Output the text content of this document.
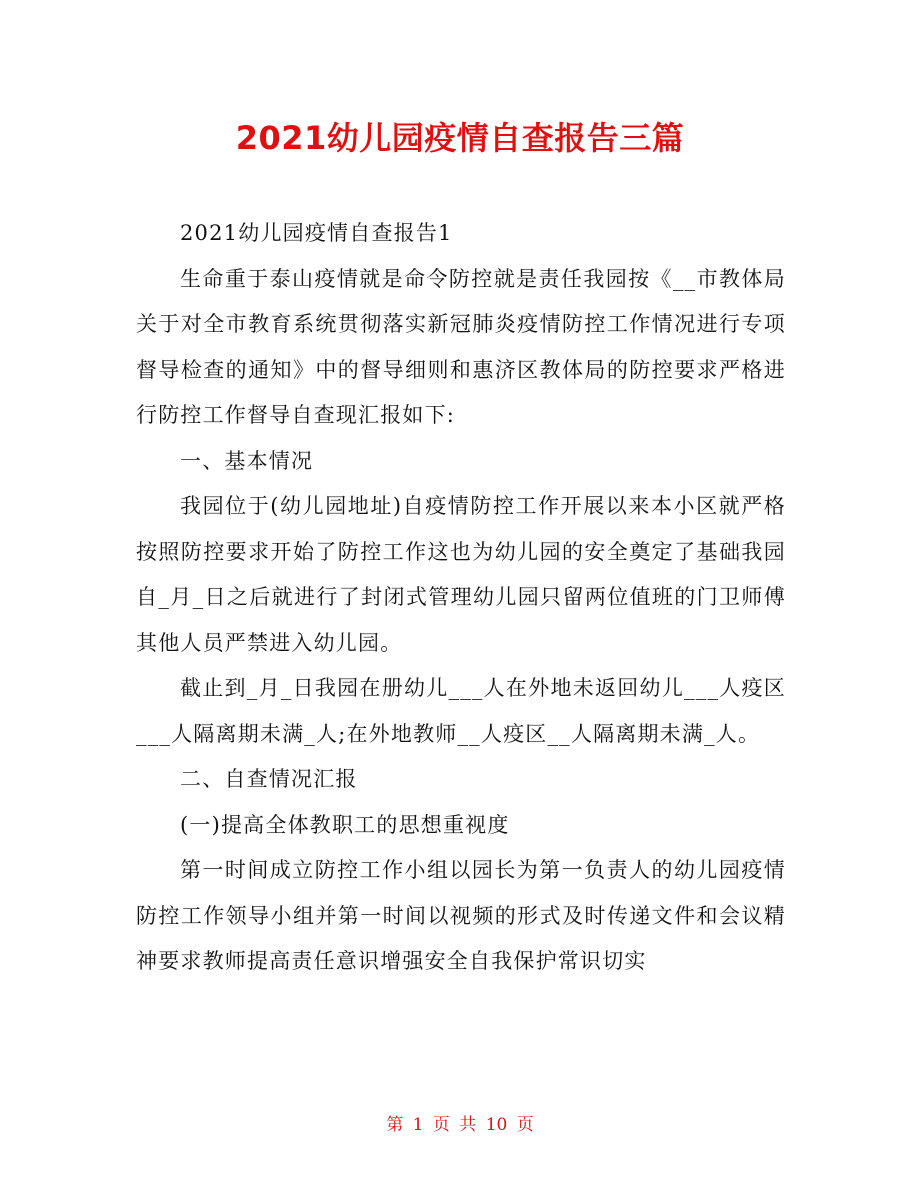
2021幼儿园疫情自查报告三篇

2021幼儿园疫情自查报告1

生命重于泰山疫情就是命令防控就是责任我园按《__市教体局关于对全市教育系统贯彻落实新冠肺炎疫情防控工作情况进行专项督导检查的通知》中的督导细则和惠济区教体局的防控要求严格进行防控工作督导自查现汇报如下:

一、基本情况

我园位于(幼儿园地址)自疫情防控工作开展以来本小区就严格按照防控要求开始了防控工作这也为幼儿园的安全奠定了基础我园自_月_日之后就进行了封闭式管理幼儿园只留两位值班的门卫师傅其他人员严禁进入幼儿园。

截止到_月_日我园在册幼儿___人在外地未返回幼儿___人疫区___人隔离期未满_人;在外地教师__人疫区__人隔离期未满_人。

二、自查情况汇报

(一)提高全体教职工的思想重视度

第一时间成立防控工作小组以园长为第一负责人的幼儿园疫情防控工作领导小组并第一时间以视频的形式及时传递文件和会议精神要求教师提高责任意识增强安全自我保护常识切实

第 1 页 共 10 页
